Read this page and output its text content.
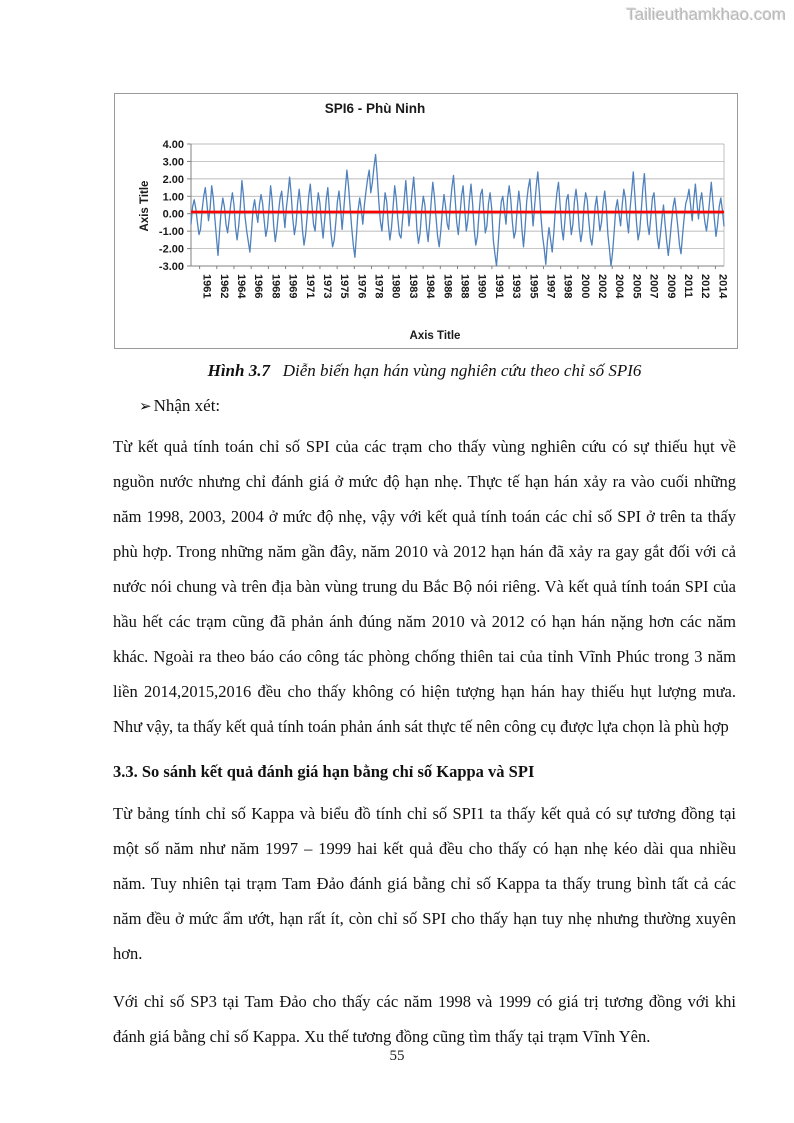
Tailieuthamkhao.com
SPI6 - Phù Ninh
Axis Title
4.00
3.00
2.00
1.00
0.00
-1.00
-2.00
-3.00
1961 1962 1964 1966 1968 1969 1971 1973 1975 1976 1978 1980 1983 1984 1986 1988 1990 1991 1993 1995 1997 1998 2000 2002 2004 2005 2007 2009 2011 2012 2014
Axis Title
Hình 3.7 Diễn biến hạn hán vùng nghiên cứu theo chỉ số SPI6
➢ Nhận xét:

Từ kết quả tính toán chỉ số SPI của các trạm cho thấy vùng nghiên cứu có sự thiếu hụt về nguồn nước nhưng chỉ đánh giá ở mức độ hạn nhẹ. Thực tế hạn hán xảy ra vào cuối những năm 1998, 2003, 2004 ở mức độ nhẹ, vậy với kết quả tính toán các chỉ số SPI ở trên ta thấy phù hợp. Trong những năm gần đây, năm 2010 và 2012 hạn hán đã xảy ra gay gắt đối với cả nước nói chung và trên địa bàn vùng trung du Bắc Bộ nói riêng. Và kết quả tính toán SPI của hầu hết các trạm cũng đã phản ánh đúng năm 2010 và 2012 có hạn hán nặng hơn các năm khác. Ngoài ra theo báo cáo công tác phòng chống thiên tai của tỉnh Vĩnh Phúc trong 3 năm liền 2014,2015,2016 đều cho thấy không có hiện tượng hạn hán hay thiếu hụt lượng mưa. Như vậy, ta thấy kết quả tính toán phản ánh sát thực tế nên công cụ được lựa chọn là phù hợp

3.3. So sánh kết quả đánh giá hạn bằng chỉ số Kappa và SPI

Từ bảng tính chỉ số Kappa và biểu đồ tính chỉ số SPI1 ta thấy kết quả có sự tương đồng tại một số năm như năm 1997 – 1999 hai kết quả đều cho thấy có hạn nhẹ kéo dài qua nhiều năm. Tuy nhiên tại trạm Tam Đảo đánh giá bằng chỉ số Kappa ta thấy trung bình tất cả các năm đều ở mức ẩm ướt, hạn rất ít, còn chỉ số SPI cho thấy hạn tuy nhẹ nhưng thường xuyên hơn.

Với chỉ số SP3 tại Tam Đảo cho thấy các năm 1998 và 1999 có giá trị tương đồng với khi đánh giá bằng chỉ số Kappa. Xu thế tương đồng cũng tìm thấy tại trạm Vĩnh Yên.

55
